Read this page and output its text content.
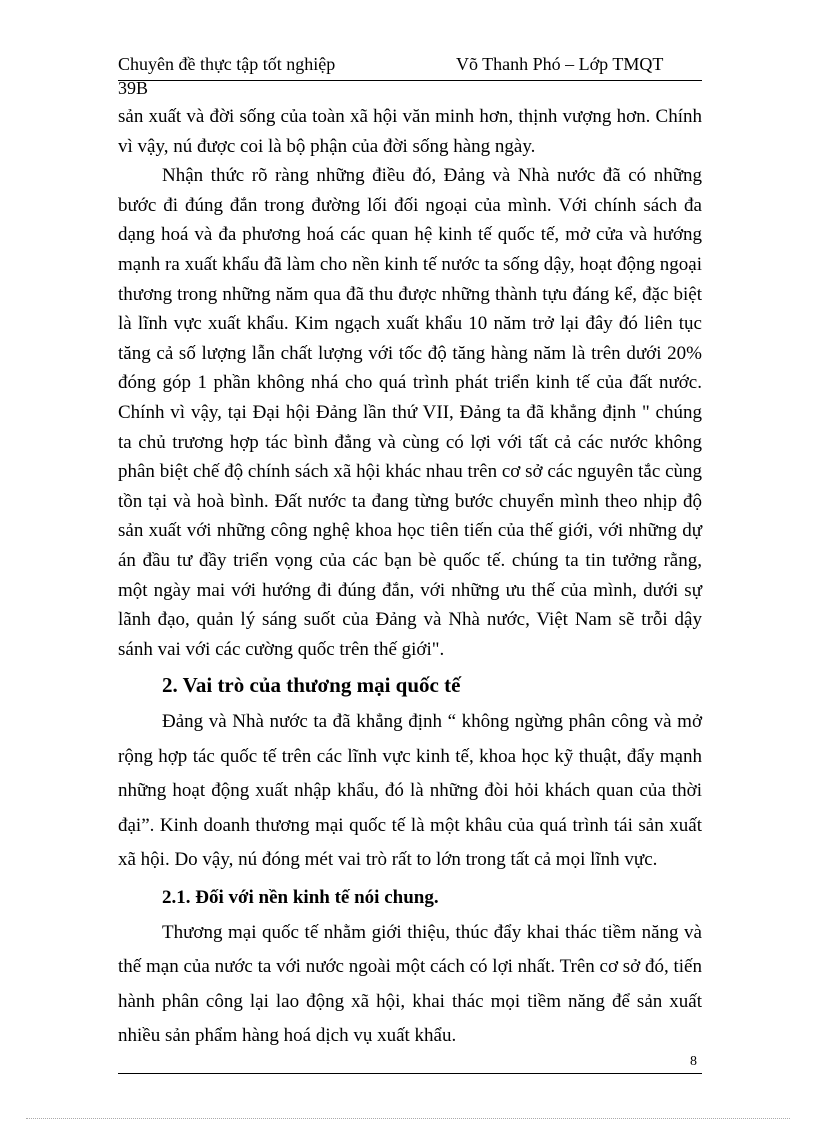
Chuyên đề thực tập tốt nghiệp 39B
Võ Thanh Phó – Lớp TMQT

sản xuất và đời sống của toàn xã hội văn minh hơn, thịnh vượng hơn. Chính vì vậy, nú được coi là bộ phận của đời sống hàng ngày.

Nhận thức rõ ràng những điều đó, Đảng và Nhà nước đã có những bước đi đúng đắn trong đường lối đối ngoại của mình. Với chính sách đa dạng hoá và đa phương hoá các quan hệ kinh tế quốc tế, mở cửa và hướng mạnh ra xuất khẩu đã làm cho nền kinh tế nước ta sống dậy, hoạt động ngoại thương trong những năm qua đã thu được những thành tựu đáng kể, đặc biệt là lĩnh vực xuất khẩu. Kim ngạch xuất khẩu 10 năm trở lại đây đó liên tục tăng cả số lượng lẫn chất lượng với tốc độ tăng hàng năm là trên dưới 20% đóng góp 1 phần không nhá cho quá trình phát triển kinh tế của đất nước. Chính vì vậy, tại Đại hội Đảng lần thứ VII, Đảng ta đã khẳng định " chúng ta chủ trương hợp tác bình đẳng và cùng có lợi với tất cả các nước không phân biệt chế độ chính sách xã hội khác nhau trên cơ sở các nguyên tắc cùng tồn tại và hoà bình. Đất nước ta đang từng bước chuyển mình theo nhịp độ sản xuất với những công nghệ khoa học tiên tiến của thế giới, với những dự án đầu tư đầy triển vọng của các bạn bè quốc tế. chúng ta tin tưởng rằng, một ngày mai với hướng đi đúng đắn, với những ưu thế của mình, dưới sự lãnh đạo, quản lý sáng suốt của Đảng và Nhà nước, Việt Nam sẽ trỗi dậy sánh vai với các cường quốc trên thế giới".

2. Vai trò của thương mại quốc tế

Đảng và Nhà nước ta đã khẳng định “ không ngừng phân công và mở rộng hợp tác quốc tế trên các lĩnh vực kinh tế, khoa học kỹ thuật, đẩy mạnh những hoạt động xuất nhập khẩu, đó là những đòi hỏi khách quan của thời đại”. Kinh doanh thương mại quốc tế là một khâu của quá trình tái sản xuất xã hội. Do vậy, nú đóng mét vai trò rất to lớn trong tất cả mọi lĩnh vực.

2.1. Đối với nền kinh tế nói chung.

Thương mại quốc tế nhằm giới thiệu, thúc đẩy khai thác tiềm năng và thế mạn của nước ta với nước ngoài một cách có lợi nhất. Trên cơ sở đó, tiến hành phân công lại lao động xã hội, khai thác mọi tiềm năng để sản xuất nhiều sản phẩm hàng hoá dịch vụ xuất khẩu.

8
